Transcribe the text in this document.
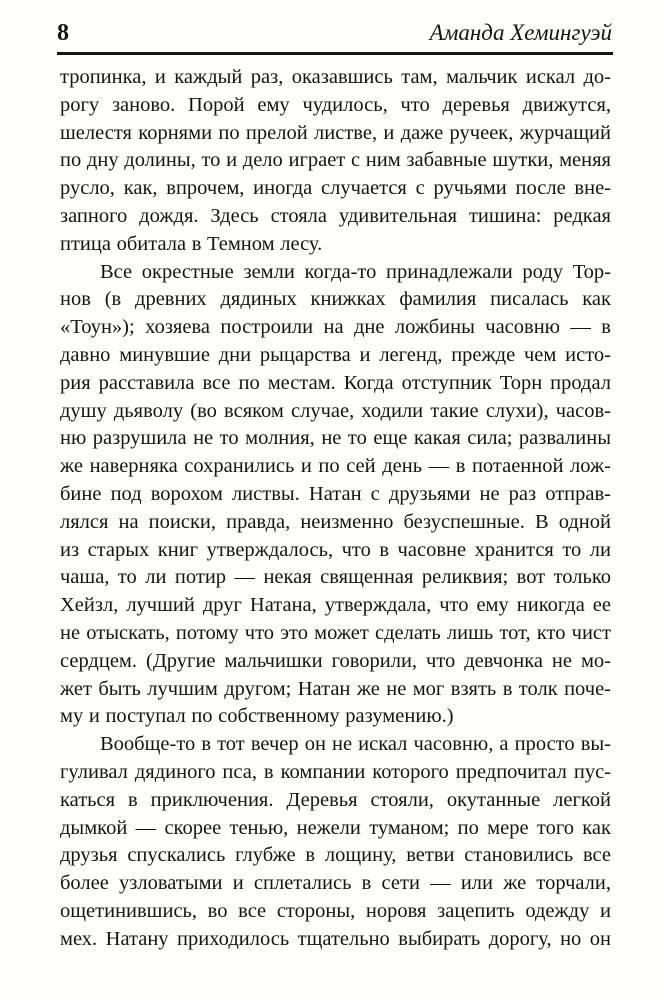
8	Аманда Хемингуэй
тропинка, и каждый раз, оказавшись там, мальчик искал до-
рогу заново. Порой ему чудилось, что деревья движутся,
шелестя корнями по прелой листве, и даже ручеек, журчащий
по дну долины, то и дело играет с ним забавные шутки, меняя
русло, как, впрочем, иногда случается с ручьями после вне-
запного дождя. Здесь стояла удивительная тишина: редкая
птица обитала в Темном лесу.
Все окрестные земли когда-то принадлежали роду Тор-
нов (в древних дядиных книжках фамилия писалась как
«Тоун»); хозяева построили на дне ложбины часовню — в
давно минувшие дни рыцарства и легенд, прежде чем исто-
рия расставила все по местам. Когда отступник Торн продал
душу дьяволу (во всяком случае, ходили такие слухи), часов-
ню разрушила не то молния, не то еще какая сила; развалины
же наверняка сохранились и по сей день — в потаенной лож-
бине под ворохом листвы. Натан с друзьями не раз отправ-
лялся на поиски, правда, неизменно безуспешные. В одной
из старых книг утверждалось, что в часовне хранится то ли
чаша, то ли потир — некая священная реликвия; вот только
Хейзл, лучший друг Натана, утверждала, что ему никогда ее
не отыскать, потому что это может сделать лишь тот, кто чист
сердцем. (Другие мальчишки говорили, что девчонка не мо-
жет быть лучшим другом; Натан же не мог взять в толк поче-
му и поступал по собственному разумению.)
Вообще-то в тот вечер он не искал часовню, а просто вы-
гуливал дядиного пса, в компании которого предпочитал пус-
каться в приключения. Деревья стояли, окутанные легкой
дымкой — скорее тенью, нежели туманом; по мере того как
друзья спускались глубже в лощину, ветви становились все
более узловатыми и сплетались в сети — или же торчали,
ощетинившись, во все стороны, норовя зацепить одежду и
мех. Натану приходилось тщательно выбирать дорогу, но он
